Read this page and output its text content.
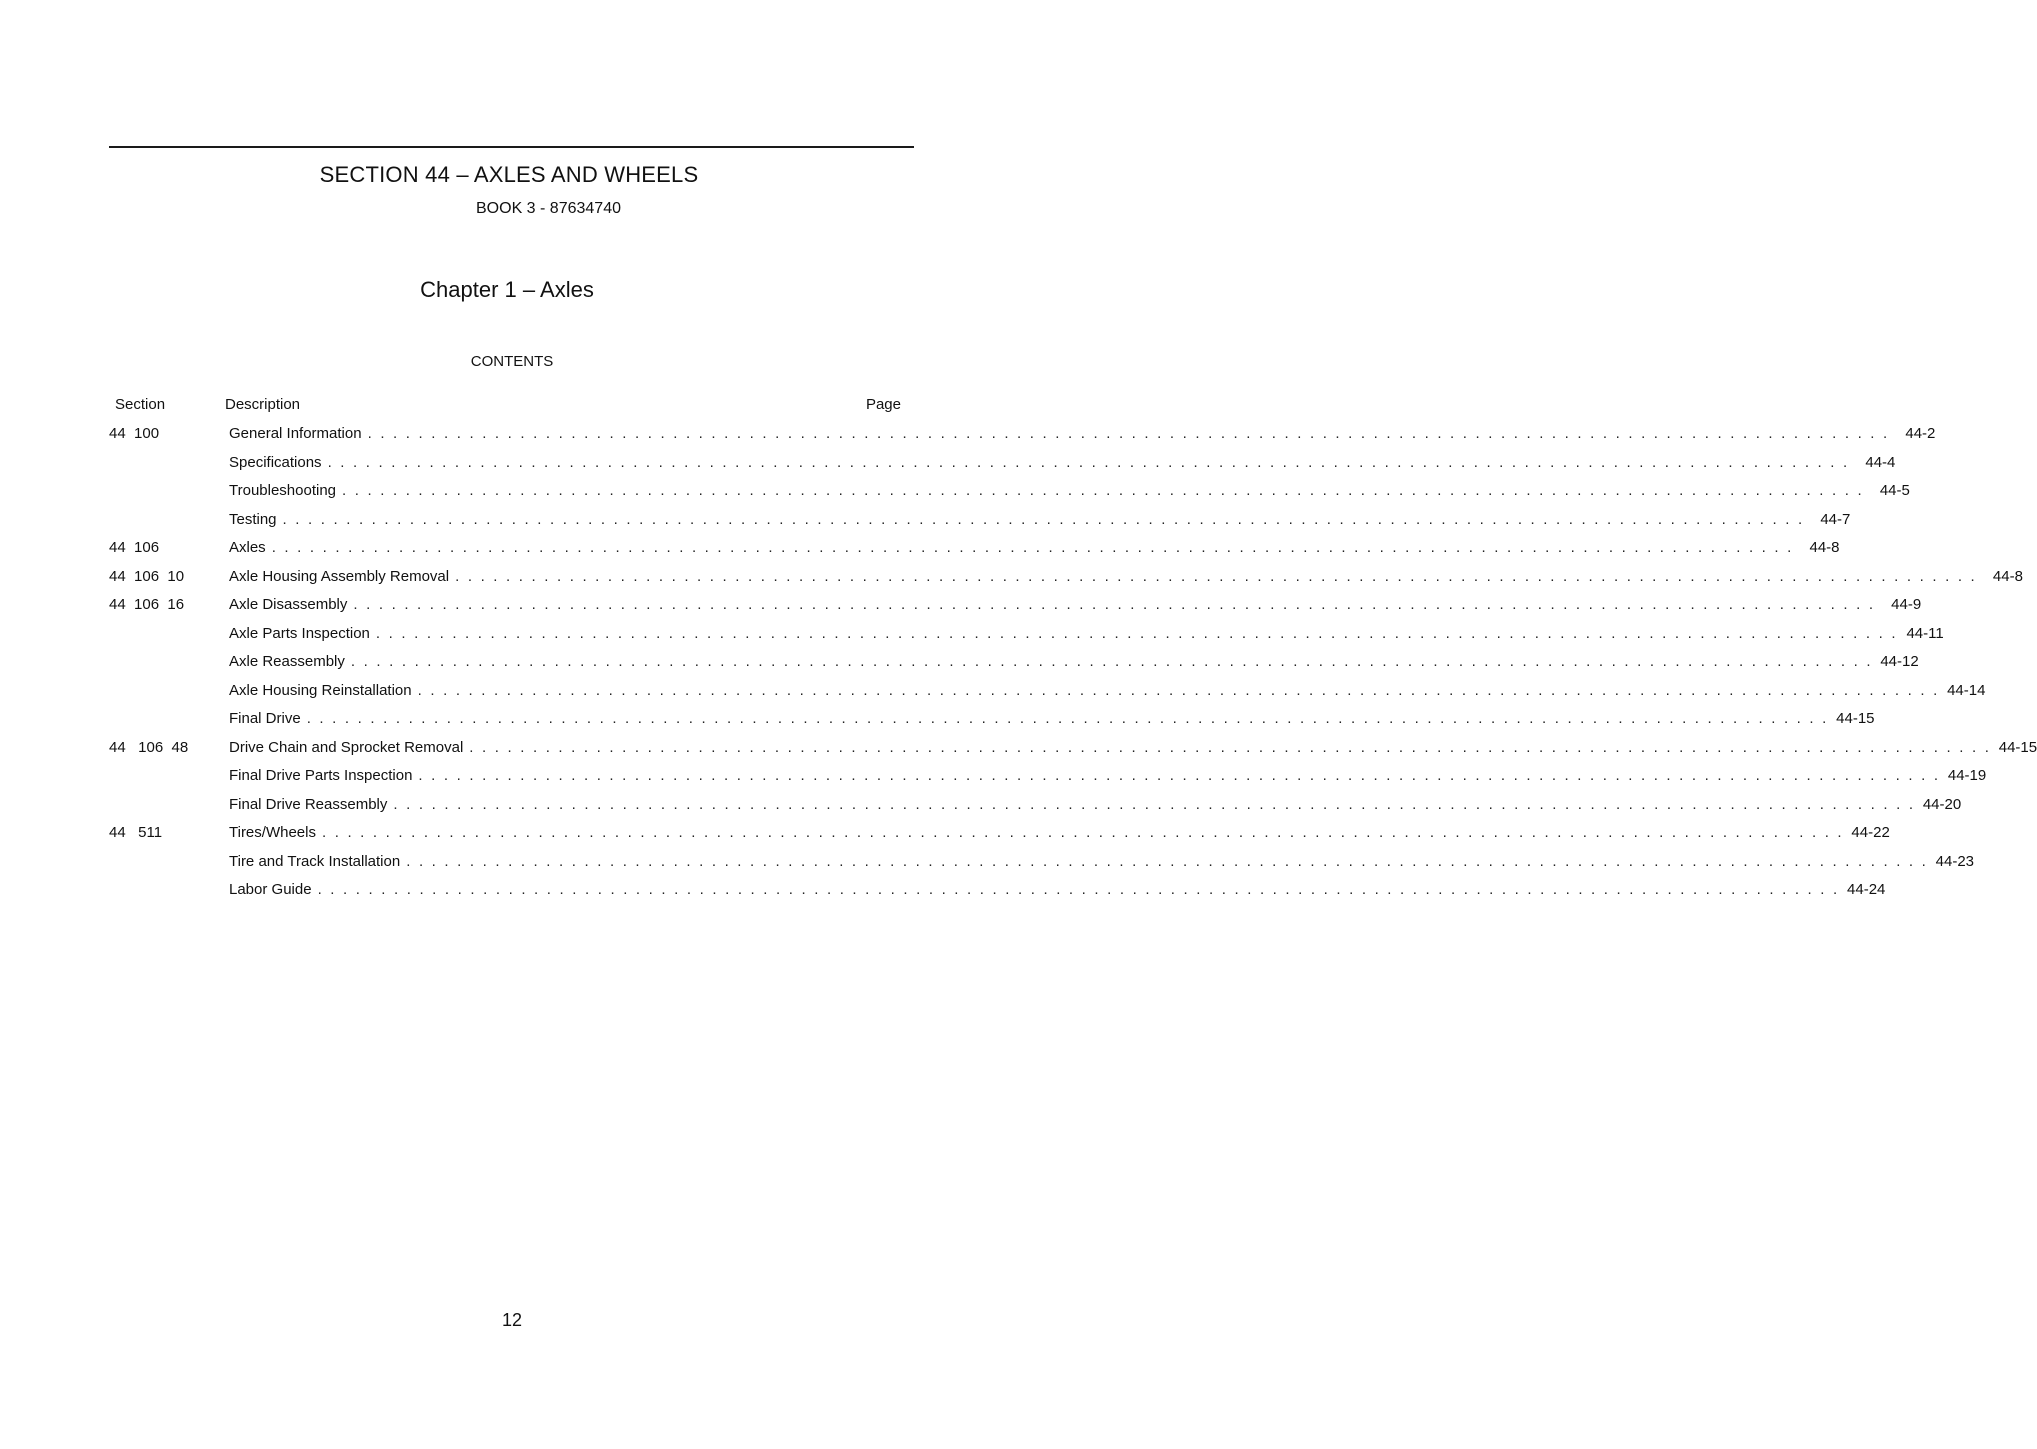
SECTION 44 – AXLES AND WHEELS
BOOK 3 - 87634740
Chapter 1 – Axles
CONTENTS
Section	Description	Page
44  100	General Information . . . . . . . . . . . . . . . . . . . . . . . . . . . . . . . . . . . . . . . . . . . . . . . . . . . . . . . . . . . . . . . . . . . . . . . . . . . . . . . . . . . . . . . . . . . . . . . . . . . . . . . . . . . . . . . . . . . . . . . .	44-2
Specifications . . . . . . . . . . . . . . . . . . . . . . . . . . . . . . . . . . . . . . . . . . . . . . . . . . . . . . . . . . . . . . . . . . . . . . . . . . . . . . . . . . . . . . . . . . . . . . . . . . . . . . . . . . . . . . . . . . . . . . . .	44-4
Troubleshooting . . . . . . . . . . . . . . . . . . . . . . . . . . . . . . . . . . . . . . . . . . . . . . . . . . . . . . . . . . . . . . . . . . . . . . . . . . . . . . . . . . . . . . . . . . . . . . . . . . . . . . . . . . . . . . . . . . . . . . . .	44-5
Testing . . . . . . . . . . . . . . . . . . . . . . . . . . . . . . . . . . . . . . . . . . . . . . . . . . . . . . . . . . . . . . . . . . . . . . . . . . . . . . . . . . . . . . . . . . . . . . . . . . . . . . . . . . . . . . . . . . . . . . . .	44-7
44  106	Axles . . . . . . . . . . . . . . . . . . . . . . . . . . . . . . . . . . . . . . . . . . . . . . . . . . . . . . . . . . . . . . . . . . . . . . . . . . . . . . . . . . . . . . . . . . . . . . . . . . . . . . . . . . . . . . . . . . . . . . . .	44-8
44  106  10	Axle Housing Assembly Removal . . . . . . . . . . . . . . . . . . . . . . . . . . . . . . . . . . . . . . . . . . . . . . . . . . . . . . . . . . . . . . . . . . . . . . . . . . . . . . . . . . . . . . . . . . . . . . . . . . . . . . . . . . . . . . . . . . . . . . . .	44-8
44  106  16	Axle Disassembly . . . . . . . . . . . . . . . . . . . . . . . . . . . . . . . . . . . . . . . . . . . . . . . . . . . . . . . . . . . . . . . . . . . . . . . . . . . . . . . . . . . . . . . . . . . . . . . . . . . . . . . . . . . . . . . . . . . . . . . .	44-9
Axle Parts Inspection . . . . . . . . . . . . . . . . . . . . . . . . . . . . . . . . . . . . . . . . . . . . . . . . . . . . . . . . . . . . . . . . . . . . . . . . . . . . . . . . . . . . . . . . . . . . . . . . . . . . . . . . . . . . . . . . . . . . . . . . 44-11
Axle Reassembly . . . . . . . . . . . . . . . . . . . . . . . . . . . . . . . . . . . . . . . . . . . . . . . . . . . . . . . . . . . . . . . . . . . . . . . . . . . . . . . . . . . . . . . . . . . . . . . . . . . . . . . . . . . . . . . . . . . . . . . . 44-12
Axle Housing Reinstallation . . . . . . . . . . . . . . . . . . . . . . . . . . . . . . . . . . . . . . . . . . . . . . . . . . . . . . . . . . . . . . . . . . . . . . . . . . . . . . . . . . . . . . . . . . . . . . . . . . . . . . . . . . . . . . . . . . . . . . . . 44-14
Final Drive . . . . . . . . . . . . . . . . . . . . . . . . . . . . . . . . . . . . . . . . . . . . . . . . . . . . . . . . . . . . . . . . . . . . . . . . . . . . . . . . . . . . . . . . . . . . . . . . . . . . . . . . . . . . . . . . . . . . . . . . 44-15
44   106  48	Drive Chain and Sprocket Removal . . . . . . . . . . . . . . . . . . . . . . . . . . . . . . . . . . . . . . . . . . . . . . . . . . . . . . . . . . . . . . . . . . . . . . . . . . . . . . . . . . . . . . . . . . . . . . . . . . . . . . . . . . . . . . . . . . . . . . . . 44-15
Final Drive Parts Inspection . . . . . . . . . . . . . . . . . . . . . . . . . . . . . . . . . . . . . . . . . . . . . . . . . . . . . . . . . . . . . . . . . . . . . . . . . . . . . . . . . . . . . . . . . . . . . . . . . . . . . . . . . . . . . . . . . . . . . . . . 44-19
Final Drive Reassembly . . . . . . . . . . . . . . . . . . . . . . . . . . . . . . . . . . . . . . . . . . . . . . . . . . . . . . . . . . . . . . . . . . . . . . . . . . . . . . . . . . . . . . . . . . . . . . . . . . . . . . . . . . . . . . . . . . . . . . . . 44-20
44   511	Tires/Wheels . . . . . . . . . . . . . . . . . . . . . . . . . . . . . . . . . . . . . . . . . . . . . . . . . . . . . . . . . . . . . . . . . . . . . . . . . . . . . . . . . . . . . . . . . . . . . . . . . . . . . . . . . . . . . . . . . . . . . . . . 44-22
Tire and Track Installation . . . . . . . . . . . . . . . . . . . . . . . . . . . . . . . . . . . . . . . . . . . . . . . . . . . . . . . . . . . . . . . . . . . . . . . . . . . . . . . . . . . . . . . . . . . . . . . . . . . . . . . . . . . . . . . . . . . . . . . . 44-23
Labor Guide . . . . . . . . . . . . . . . . . . . . . . . . . . . . . . . . . . . . . . . . . . . . . . . . . . . . . . . . . . . . . . . . . . . . . . . . . . . . . . . . . . . . . . . . . . . . . . . . . . . . . . . . . . . . . . . . . . . . . . . . 44-24
12
